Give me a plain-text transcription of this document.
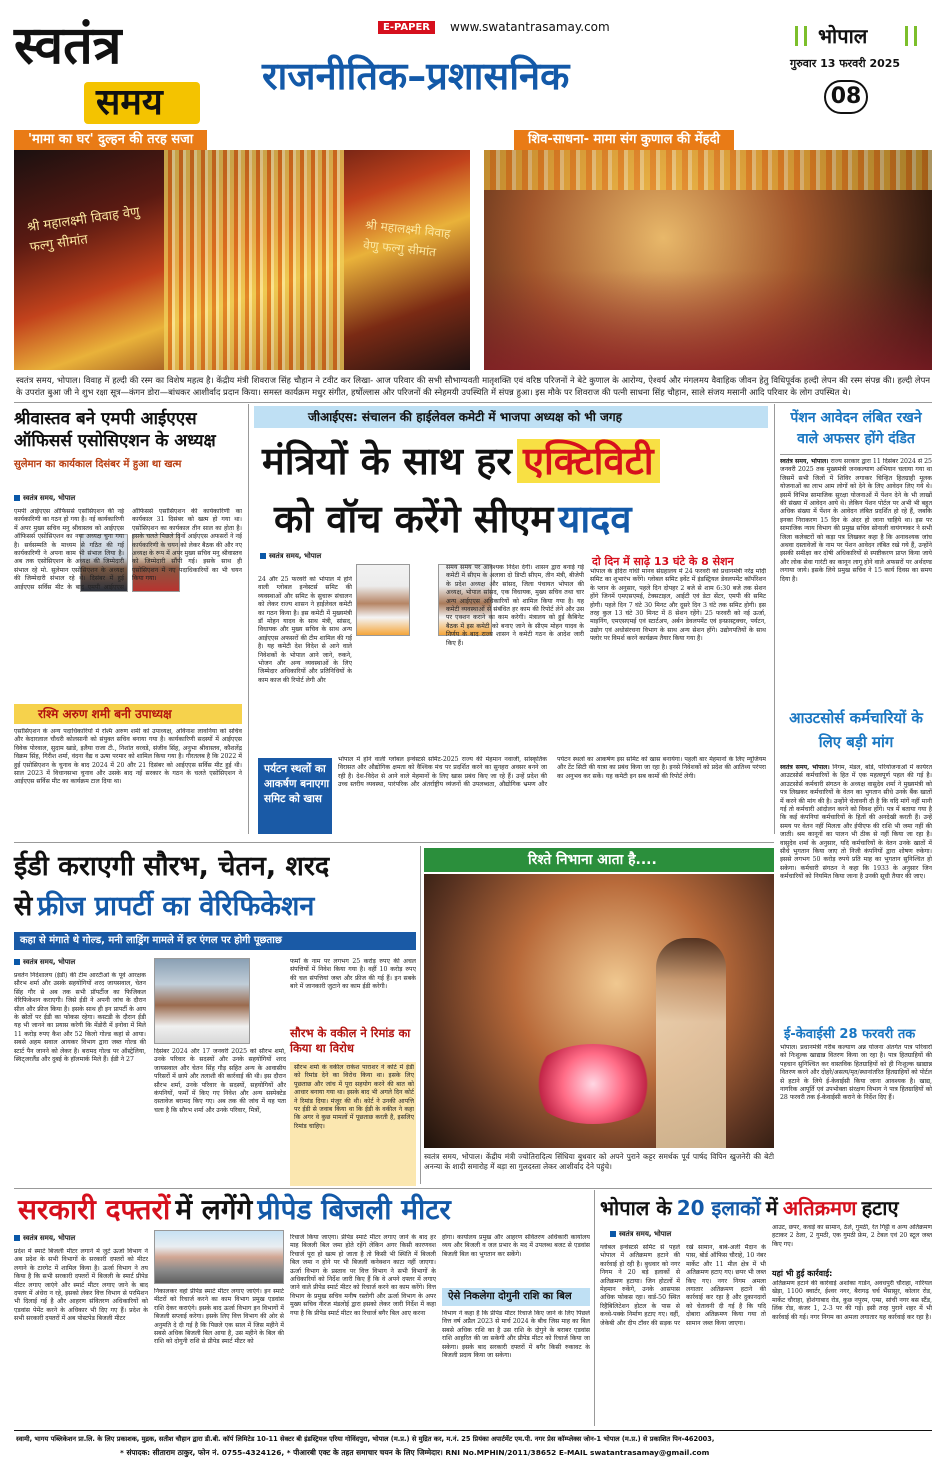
स्वतंत्र
समय
E-PAPER	www.swatantrasamay.com
राजनीतिक–प्रशासनिक
भोपाल
गुरुवार 13 फरवरी 2025
08
'मामा का घर' दुल्हन की तरह सजा
श्री महालक्ष्मी विवाह वेणु फल्गु सीमांत
श्री महालक्ष्मी विवाह वेणु फल्गु सीमांत
शिव-साधना- मामा संग कुणाल की मेंहदी
स्वतंत्र समय, भोपाल। विवाह में हल्दी की रस्म का विशेष महत्व है। केंद्रीय मंत्री शिवराज सिंह चौहान ने टवीट कर लिखा- आज परिवार की सभी सौभाग्यवती मातृशक्ति एवं वरिष्ठ परिजनों ने बेटे कुणाल के आरोग्य, ऐश्वर्य और मंगलमय वैवाहिक जीवन हेतु विधिपूर्वक हल्दी लेपन की रस्म संपन्न की। हल्दी लेपन के उपरांत बुआ जी ने शुभ रक्षा सूत्र—कंगन डोरा—बांधकर आशीर्वाद प्रदान किया। समस्त कार्यक्रम मधुर संगीत, हर्षोल्लास और परिजनों की स्नेहमयी उपस्थिति में संपन्न हुआ। इस मौके पर शिवराज की पत्नी साधना सिंह चौहान, साले संजय मसानी आदि परिवार के लोग उपस्थित थे।
श्रीवास्तव बने एमपी आईएएस ऑफिसर्स एसोसिएशन के अध्यक्ष
सुलेमान का कार्यकाल दिसंबर में हुआ था खत्म
स्वतंत्र समय, भोपाल
एमपी आईएएस ऑफिसर्स एसोसिएशन की नई कार्यकारिणी का गठन हो गया है। नई कार्यकारिणी में अपर मुख्य सचिव मनु श्रीवास्तव को आईएएस ऑफिसर्स एसोसिएशन का नया अध्यक्ष चुना गया है। सर्वसम्मति के माध्यम से गठित की गई कार्यकारिणी ने अपना काम भी संभाल लिया है। अब तक एसोसिएशन के अध्यक्ष की जिम्मेदारी संभाल रहे मो. सुलेमान एसोसिएशन के अध्यक्ष की जिम्मेदारी संभाल रहे थे। दिसंबर में हुई आईएएस सर्विस मीट के बाद एमपी आईएएस ऑफिसर्स एसोसिएशन की कार्यकारिणी का कार्यकाल 31 दिसंबर को खत्म हो गया था। एसोसिएशन का कार्यकाल तीन साल का होता है। इसके चलते पिछले दिनों आईएएस अफसरों ने नई कार्यकारिणी के चयन को लेकर बैठक की और नए अध्यक्ष के रूप में अपर मुख्य सचिव मनु श्रीवास्तव को जिम्मेदारी सौंपी गई। इसके साथ ही एसोसिएशन में नए पदाधिकारियों का भी चयन किया गया।
रश्मि अरुण शमी बनी उपाध्यक्ष
एसोसिएशन के अन्य पदाधिकारियों में रश्मि अरुण शमी को उपाध्यक्ष, अविनाश लावनिया को सचिव और केदारलाल चौधरी कोलसानी को संयुक्त सचिव बनाया गया है। कार्यकारिणी सदस्यों में आईएएस विवेक पोरवाल, सुदाम खाडे, इलैया राजा टी., निशांत वरवडे, संजीव सिंह, अनुभा श्रीवास्तव, कौशलेंद्र विक्रम सिंह, गिरीश शर्मा, वंदना वैद्य व ऊषा परमार को शामिल किया गया है। गौरतलब है कि 2022 में हुई एसोसिएशन के चुनाव के बाद 2024 में 20 और 21 दिसंबर को आईएएस सर्विस मीट हुई थी। साल 2023 में विधानसभा चुनाव और उसके बाद नई सरकार के गठन के चलते एसोसिएशन ने आईएएस सर्विस मीट का कार्यक्रम टाल दिया था।
जीआईएस: संचालन की हाईलेवल कमेटी में भाजपा अध्यक्ष को भी जगह
मंत्रियों के साथ हर एक्टिविटी
को वॉच करेंगे सीएम यादव
स्वतंत्र समय, भोपाल
24 और 25 फरवरी को भोपाल में होने वाली ग्लोबल इन्वेस्टर्स समिट की व्यवस्थाओं और समिट के सुचारू संचालन को लेकर राज्य शासन ने हाईलेवल कमेटी का गठन किया है। इस कमेटी में मुख्यमंत्री डॉ मोहन यादव के साथ मंत्री, सांसद, विधायक और मुख्य सचिव के साथ अन्य आईएएस अफसरों की टीम शामिल की गई है। यह कमेटी देश विदेश से आने वाले निवेशकों के भोपाल आने जाने, रुकने, भोजन और अन्य व्यवस्थाओं के लिए जिम्मेदार अधिकारियों और प्रतिनिधियों के काम काज की रिपोर्ट लेगी और
समय समय पर आवश्यक निर्देश देगी। शासन द्वारा बनाई गई कमेटी में सीएम के अलावा दो डिप्टी सीएम, तीन मंत्री, बीजेपी के प्रदेश अध्यक्ष और सांसद, जिला पंचायत भोपाल की अध्यक्ष, भोपाल सांसद, एक विधायक, मुख्य सचिव तथा चार अन्य आईएएस अधिकारियों को शामिल किया गया है। यह कमेटी व्यवस्थाओं से संबंधित हर काम की रिपोर्ट लेने और उस पर एक्शन कराने का काम करेगी। मंत्रालय को हुई कैबिनेट बैठक में इस कमेटी को बनाए जाने के सीएम मोहन यादव के निर्णय के बाद राज्य शासन ने कमेटी गठन के आदेश जारी किए हैं।
दो दिन में साढ़े 13 घंटे के 8 सेशन
भोपाल के इंदिरा गांधी मानव संग्रहालय में 24 फरवरी को प्रधानमंत्री नरेंद्र मोदी समिट का शुभारंभ करेंगे। ग्लोबल समिट इवेंट में इंडस्ट्रियल डेवलपमेंट कॉर्पोरेशन के प्लान के अनुसार, पहले दिन दोपहर 2 बजे से शाम 6:30 बजे तक सेशन होंगे जिनमें एमएसएमई, टेक्सटाइल, आईटी एवं डेटा सेंटर, एमपी की समिट होगी। पहले दिन 7 घंटे 30 मिनट और दूसरे दिन 3 घंटे तक समिट होगी। इस तरह कुल 13 घंटे 30 मिनट में 8 सेशन रहेंगे। 25 फरवरी को नई ऊर्जा, माइनिंग, एमएसएमई एवं स्टार्टअप, अर्बन डेवलपमेंट एवं इन्फ्रास्ट्रक्चर, पर्यटन, उद्योग एवं अधोसंरचना विभाग के साथ अन्य सेशन होंगे। उद्योगपतियों के साथ फ्लोर पर विमर्श करने कार्यक्रम तैयार किया गया है।
पर्यटन स्थलों का आकर्षण बनाएगा समिट को खास
भोपाल में होने वाली ग्लोबल इन्वेस्टर्स समिट-2025 राज्य की मेहमान नवाजी, सांस्कृतिक विरासत और औद्योगिक क्षमता को वैश्विक मंच पर प्रदर्शित करने का सुनहरा अवसर बनने जा रही है। देश-विदेश से आने वाले मेहमानों के लिए खास प्रबंध किए जा रहे हैं। उन्हें प्रदेश की उच्च स्तरीय व्यवस्था, पारंपरिक और अंतर्राष्ट्रीय व्यंजनों की उपलब्धता, औद्योगिक भ्रमण और पर्यटन स्थलों का आकर्षण इस समिट को खास बनायेगा। पहली बार मेहमानों के लिए म्यूजियम और टेंट सिटी की यात्रा का प्रबंध किया जा रहा है। इनसे निवेशकों को प्रदेश की आतिथ्य परंपरा का अनुभव कर सकें। यह कमेटी इन सब कामों की रिपोर्ट लेगी।
पेंशन आवेदन लंबित रखने वाले अफसर होंगे दंडित
स्वतंत्र समय, भोपाल। राज्य सरकार द्वारा 11 दिसंबर 2024 से 25 जनवरी 2025 तक मुख्यमंत्री जनकल्याण अभियान चलाया गया था जिसमें सभी जिलों में शिविर लगाकर चिन्हित हितग्राही मूलक योजनाओं का लाभ आम लोगों को देने के लिए आवेदन लिए गये थे। इसमें विभिन्न सामाजिक सुरक्षा योजनाओं में पेंशन देने के भी लाखों की संख्या में आवेदन आये थे। लेकिन पेंशन पोर्टल पर अभी भी बहुत अधिक संख्या में पेंशन के आवेदन लंबित प्रदर्शित हो रहे हैं, जबकि इनका निराकरण 15 दिन के अंदर हो जाना चाहिये था। इस पर सामाजिक न्याय विभाग की प्रमुख सचिव सोनाली वायंगणकर ने सभी जिला कलेक्टरों को कड़ा पत्र लिखकर कहा है कि अनावश्यक जांच अथवा दस्तावेजों के नाम पर पेंशन आवेदन लंबित रखे गये हैं, उन्होंने इसकी समीक्षा कर दोषी अधिकारियों से स्पष्टीकरण प्राप्त किया जाये और लोक सेवा गारंटी का कानून लागू होने वाले अफसरों पर अर्थदण्ड लगाया जाये। इसके लिये प्रमुख सचिव ने 15 कार्य दिवस का समय दिया है।
आउटसोर्स कर्मचारियों के लिए बड़ी मांग
स्वतंत्र समय, भोपाल। निगम, मंडल, बोर्ड, परियोजनाओं में कार्यरत आउटसोर्स कर्मचारियों के हित में एक महत्वपूर्ण पहल की गई है। आउटसोर्स कर्मचारी संगठन के अध्यक्ष वासुदेव शर्मा ने मुख्यमंत्री को पत्र लिखकर कर्मचारियों के वेतन का भुगतान सीधे उनके बैंक खातों में करने की मांग की है। उन्होंने चेतावनी दी है कि यदि मांगें नहीं मानी गई तो कर्मचारी आंदोलन करने को विवश होंगे। पत्र में बताया गया है कि कई कंपनियां कर्मचारियों के हितों की अनदेखी करती हैं। उन्हें समय पर वेतन नहीं मिलता और ईपीएफ की राशि भी जमा नहीं की जाती। श्रम कानूनों का पालन भी ठीक से नहीं किया जा रहा है। वासुदेव शर्मा के अनुसार, यदि कर्मचारियों के वेतन उनके खातों में सीधे भुगतान किया जाए तो निजी कंपनियों द्वारा शोषण रुकेगा। इससे लगभग 50 करोड़ रुपये प्रति माह का भुगतान सुनिश्चित हो सकेगा। कर्मचारी संगठन ने कहा कि 1933 के अनुसार जिन कर्मचारियों को नियमित किया जाना है उनकी सूची तैयार की जाए।
ई-केवाईसी 28 फरवरी तक
भोपाल। प्रधानमंत्री गरीब कल्याण अन्न योजना अंतर्गत पात्र परिवारों को निःशुल्क खाद्यान्न वितरण किया जा रहा है। पात्र हितग्राहियों की पहचान सुनिश्चित कर वास्तविक हितग्राहियों को ही निःशुल्क खाद्यान्न वितरण करने और दोहरे/असत्य/मृत/स्थानांतरित हितग्राहियों को पोर्टल से हटाने के लिये ई-केवाईसी किया जाना आवश्यक है। खाद्य, नागरिक आपूर्ति एवं उपभोक्ता संरक्षण विभाग ने पात्र हितग्राहियों को 28 फरवरी तक ई-केवाईसी कराने के निर्देश दिए हैं।
ईडी कराएगी सौरभ, चेतन, शरद
से फ्रीज प्रापर्टी का वेरिफिकेशन
कहा से मंगाते थे गोल्ड, मनी लाड्रिंग मामले में हर एंगल पर होगी पूछताछ
स्वतंत्र समय, भोपाल
प्रवर्तन निदेशालय (ईडी) की टीम आरटीओ के पूर्व आरक्षक सौरभ शर्मा और उसके सहयोगियों शरद जायसवाल, चेतन सिंह गौर से अब तक सभी प्रॉपर्टीज का फिजिकल वेरिफिकेशन कराएगी। जिसे ईडी ने अपनी जांच के दौरान सील और फ्रीज किया है। इसके साथ ही इन प्रापर्टी के आय के स्रोतों पर ईडी का फोकस रहेगा। कस्टडी के दौरान ईडी यह भी जानने का प्रयास करेगी कि मेंडोरी में इनोवा में मिले 11 करोड़ रुपए कैश और 52 किलो गोल्ड कहां से आया। सबसे अहम सवाल आयकर विभाग द्वारा जब्त गोल्ड की स्टार्ट पैन जानने को लेकर है। बरामद गोल्ड पर ऑस्ट्रेलिया, स्विट्जरलैंड और दुबई के हॉलमार्क मिले हैं। ईडी ने 27
दिसंबर 2024 और 17 जनवरी 2025 को सौरभ शर्मा, उनके परिवार के सदस्यों और उनके सहयोगियों शरद जायसवाल और चेतन सिंह गौड़ सहित अन्य के आवासीय परिसरों में छापे और तलाशी की कार्रवाई की थी। इस दौरान सौरभ शर्मा, उनके परिवार के सदस्यों, सहयोगियों और कंपनियों, फर्मों में किए गए निवेश और अन्य सस्पेक्टेड दस्तावेज बरामद किए गए। अब तक की जांच में यह पता चला है कि सौरभ शर्मा और उनके परिवार, मित्रों,
फर्मों के नाम पर लगभग 25 करोड़ रुपए की अचल संपत्तियों में निवेश किया गया है। वहीं 10 करोड़ रुपए की चल संपत्तियां जब्त और फ्रीज की गई हैं। इन सबके बारे में जानकारी जुटाने का काम ईडी करेगी।
सौरभ के वकील ने रिमांड का किया था विरोध
सौरभ शर्मा के वकील राकेश पाराशर ने कोर्ट में ईडी को रिमांड देने का विरोध किया था। इसके लिए पूछताछ और जांच में पूरा सहयोग करने की बात को आधार बनाया गया था। इसके बाद भी अगले दिन कोर्ट ने रिमांड दिया। मंजूर की थी। कोर्ट ने उनकी आपत्ति पर ईडी से जवाब किया था कि ईडी के वकील ने कहा कि अगर वे कुछ मामलों में पूछताछ करती है, इसलिए रिमांड चाहिए।
रिश्ते निभाना आता है....
स्वतंत्र समय, भोपाल। केंद्रीय मंत्री ज्योतिरादित्य सिंधिया बुधवार को अपने पुराने कट्टर समर्थक पूर्व पार्षद विपिन खुजनेरी की बेटी अनन्या के शादी समारोह में बड़ा सा गुलदस्ता लेकर आशीर्वाद देने पहुंचे।
सरकारी दफ्तरों में लगेंगे प्रीपेड बिजली मीटर
स्वतंत्र समय, भोपाल
प्रदेश में स्मार्ट बिजली मीटर लगाने में जुटे ऊर्जा विभाग ने अब प्रदेश के सभी विभागों के सरकारी दफ्तरों को मीटर लगाने के टारगेट में शामिल किया है। ऊर्जा विभाग ने तय किया है कि सभी सरकारी दफ्तरों में बिजली के स्मार्ट प्रीपेड मीटर लगाए जाएंगे और स्मार्ट मीटर लगाए जाने के बाद दफ्तर में अंधेरा न रहे, इसको लेकर वित्त विभाग से परमिशन भी दिलाई गई है और आहरण संवितरण अधिकारियों को एडवांस पेमेंट करने के अधिकार भी दिए गए हैं। प्रदेश के सभी सरकारी दफ्तरों में अब पोस्टपेड बिजली मीटर
निकालकर वहां प्रीपेड स्मार्ट मीटर लगाए जाएंगे। इन स्मार्ट मीटरों को रिचार्ज करने का काम विभाग प्रमुख एडवांस राशि देकर कराएंगे। इसके बाद ऊर्जा विभाग इन विभागों में बिजली सप्लाई करेगा। इसके लिए वित्त विभाग की ओर से अनुमति दे दी गई है कि पिछले एक साल में जिस महीने में सबसे अधिक बिजली बिल आया है, उस महीने के बिल की राशि को दोगुनी राशि से प्रीपेड स्मार्ट मीटर को
रिचार्ज किया जाएगा। प्रीपेड स्मार्ट मीटर लगाए जाने के बाद हर माह बिजली बिल जमा होते रहेंगे लेकिन अगर किसी कारणवश रिचार्ज पूरा हो खत्म हो जाता है तो किसी भी स्थिति में बिजली बिल जमा न होने पर भी बिजली कनेक्शन काटा नहीं जाएगा। ऊर्जा विभाग के प्रस्ताव पर वित्त विभाग ने सभी विभागों के अधिकारियों को निर्देश जारी किए हैं कि वे अपने दफ्तर में लगाए जाने वाले प्रीपेड स्मार्ट मीटर को रिचार्ज करने का काम करेंगे। वित्त विभाग के प्रमुख सचिव मनीष रस्तोगी और ऊर्जा विभाग के अपर मुख्य सचिव नीरज मंडलोई द्वारा इसको लेकर जारी निर्देश में कहा गया है कि प्रीपेड स्मार्ट मीटर का रिचार्ज बगैर बिल आए करना
होगा। कार्यालय प्रमुख और आहरण संवितरण अधिकारी कार्यालय व्यय और बिजली व जल प्रभार के मद में उपलब्ध बजट से एडवांस बिजली बिल का भुगतान कर सकेंगे।
ऐसे निकलेगा दोगुनी राशि का बिल
विभाग ने कहा है कि प्रीपेड मीटर रिचार्ज किए जाने के लिए पिछले वित्त वर्ष अप्रैल 2023 से मार्च 2024 के बीच जिस माह का बिल सबसे अधिक राशि का है उस राशि के दोगुने के बराबर एडवांस राशि आहरित की जा सकेगी और प्रीपेड मीटर को रिचार्ज किया जा सकेगा। इसके बाद सरकारी दफ्तरों में बगैर किसी रुकावट के बिजली प्रदाय किया जा सकेगा।
भोपाल के 20 इलाकों में अतिक्रमण हटाए
स्वतंत्र समय, भोपाल
ग्लोबल इन्वेस्टर्स समिट से पहले भोपाल में अतिक्रमण हटाने की कार्रवाई हो रही है। बुधवार को नगर निगम ने 20 बड़े इलाकों से अतिक्रमण हटाया। जिन होटलों में मेहमान रुकेंगे, उनके आसपास अधिक फोकस रहा। वार्ड-50 स्थित रिहैबिलिटेशन होटल के पास से कच्चे-पक्के निर्माण हटाए गए। वहीं, जेकेबी और दीप टॉवर की सड़क पर रखे सामान, बाबे-अली मैदान के पास, बोर्ड ऑफिस चौराहे, 10 नंबर मार्केट और 11 मील क्षेत्र में भी अतिक्रमण हटाए गए। छपर भी जब्त किए गए। नगर निगम अमला लगातार अतिक्रमण हटाने की कार्रवाई कर रहा है और दुकानदारों को चेतावनी दी गई है कि यदि दोबारा अतिक्रमण किया गया तो सामान जब्त किया जाएगा।
आउट, छपर, कचड़े का सामान, ठेले, गुमठी, रेत गिट्टी व अन्य अतिक्रमण हटाकर 2 ठेला, 2 गुमठी, एक गुमठी फ्रेम, 2 टेबल एवं 20 स्टूल जब्त किए गए।
यहां भी हुई कार्रवाई:
अतिक्रमण हटाने की कार्रवाई अशोका गार्डन, अवधपुरी चौराहा, नारियल खेड़ा, 1100 क्वार्टर, ईश्वर नगर, बैरागढ़ चर्च भैंसासुर, कोलार रोड, मार्केट चौराहा, होशंगाबाद रोड, कुछ नपुरम, एम्स, सांची नगर बस स्टैंड, लिंक रोड, कंजर 1, 2-3 पर की गई। इसी तरह पुराने शहर में भी कार्रवाई की गई। नगर निगम का अमला लगातार यह कार्रवाई कर रहा है।
स्वामी, भागय पब्लिकेशन प्रा.लि. के लिए प्रकाशक, मुद्रक, सतीश चौहान द्वारा डी.बी. कॉर्प लिमिटेड 10-11 सेक्टर बी इंडस्ट्रियल एरिया गोविंदपुरा, भोपाल (म.प्र.) से मुद्रित कर, म.नं. 25 प्रियंका अपार्टमेंट एम.पी. नगर प्रेस कॉम्प्लेक्स जोन-1 भोपाल (म.प्र.) से प्रकाशित पिन-462003,
* संपादक: सीताराम ठाकुर, फोन नं. 0755-4324126, * पीआरबी एक्ट के तहत समाचार चयन के लिए जिम्मेदार। RNI No.MPHIN/2011/38652 E-MAIL swatantrasamay@gmail.com
